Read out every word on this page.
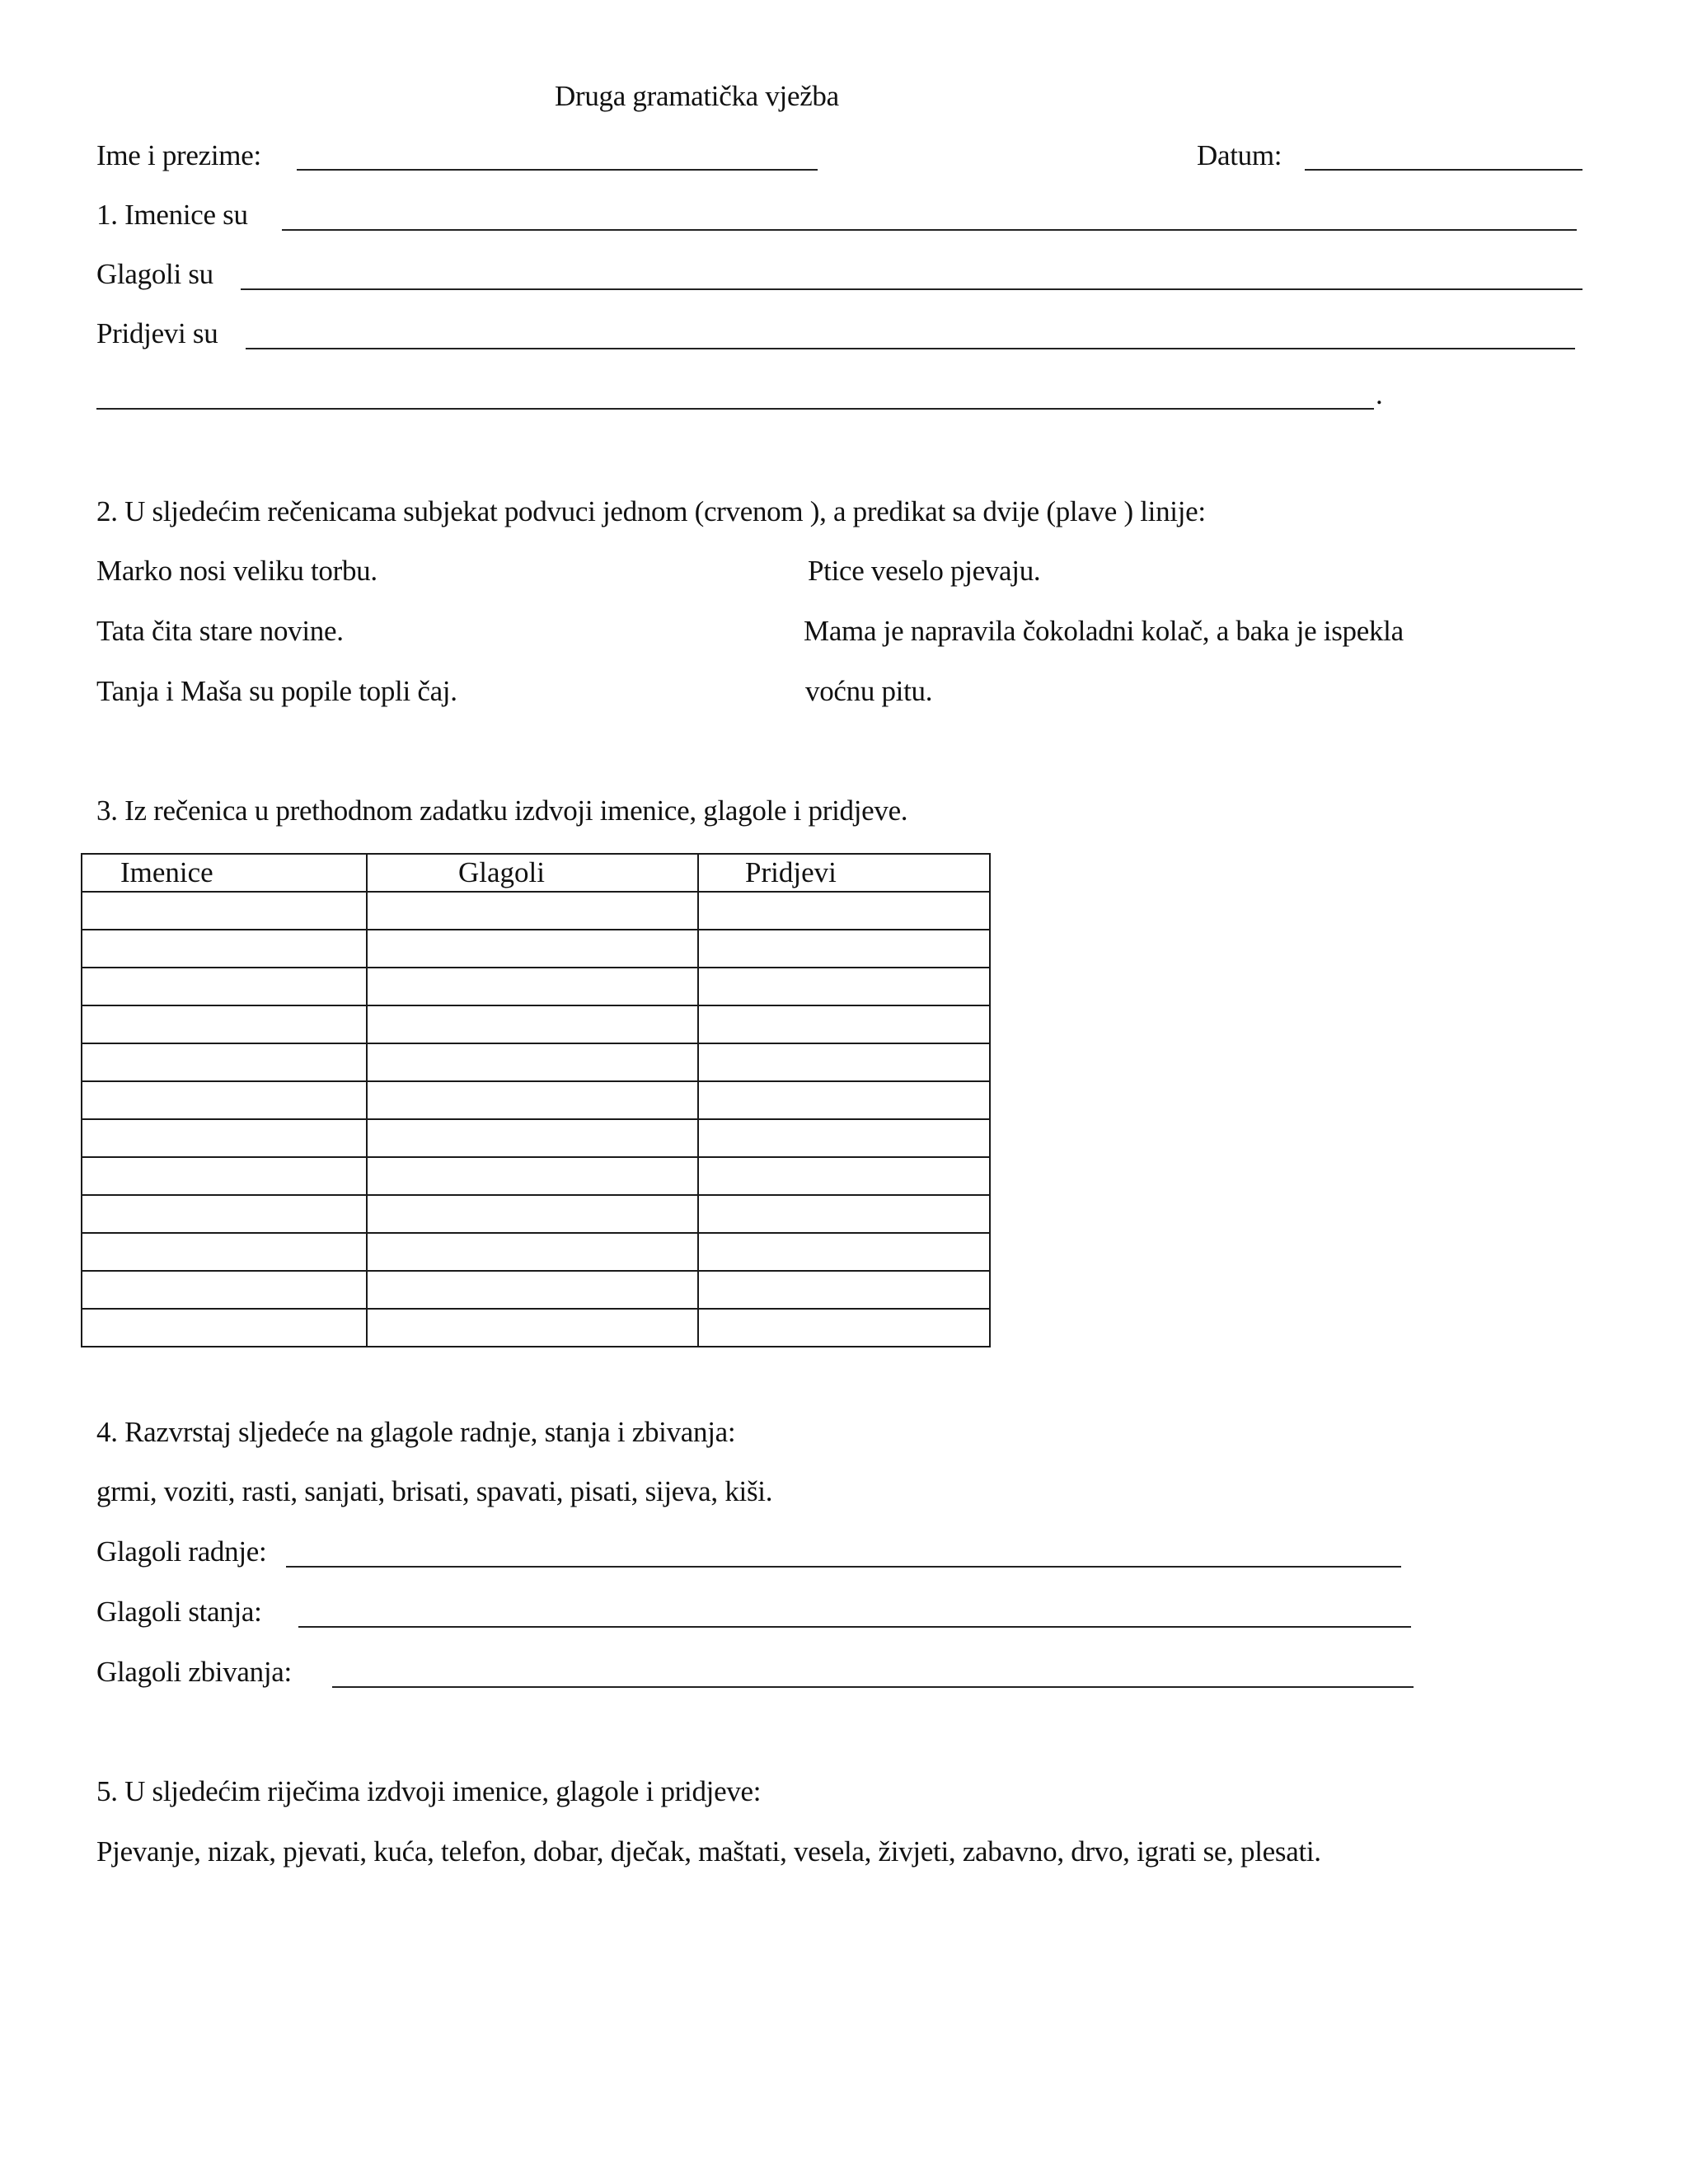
Druga gramatička vježba
Ime i prezime:	Datum:
1. Imenice su
Glagoli su
Pridjevi su
.
2. U sljedećim rečenicama subjekat podvuci jednom (crvenom ), a predikat sa dvije (plave ) linije:
Marko nosi veliku torbu.	Ptice veselo pjevaju.
Tata čita stare novine.	Mama je napravila čokoladni kolač, a baka je ispekla
Tanja i Maša su popile topli čaj.	voćnu pitu.
3. Iz rečenica u prethodnom zadatku izdvoji imenice, glagole i pridjeve.
Imenice	Glagoli	Pridjevi

4. Razvrstaj sljedeće na glagole radnje, stanja i zbivanja:
grmi, voziti, rasti, sanjati, brisati, spavati, pisati, sijeva, kiši.
Glagoli radnje:
Glagoli stanja:
Glagoli zbivanja:
5. U sljedećim riječima izdvoji imenice, glagole i pridjeve:
Pjevanje, nizak, pjevati, kuća, telefon, dobar, dječak, maštati, vesela, živjeti, zabavno, drvo, igrati se, plesati.
